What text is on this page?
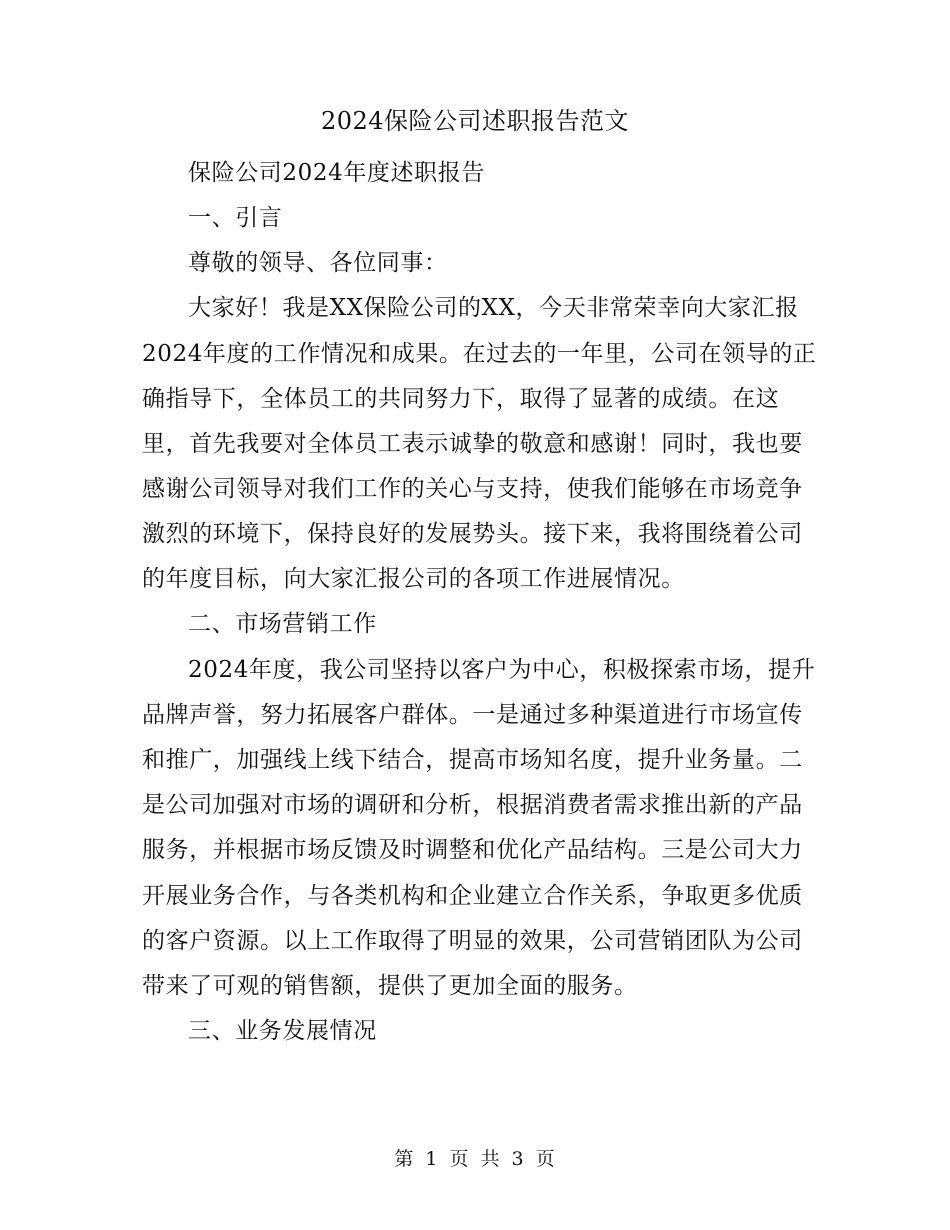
2024保险公司述职报告范文
保险公司2024年度述职报告
一、引言
尊敬的领导、各位同事：
大家好！我是XX保险公司的XX，今天非常荣幸向大家汇报
2024年度的工作情况和成果。在过去的一年里，公司在领导的正
确指导下，全体员工的共同努力下，取得了显著的成绩。在这
里，首先我要对全体员工表示诚挚的敬意和感谢！同时，我也要
感谢公司领导对我们工作的关心与支持，使我们能够在市场竞争
激烈的环境下，保持良好的发展势头。接下来，我将围绕着公司
的年度目标，向大家汇报公司的各项工作进展情况。
二、市场营销工作
2024年度，我公司坚持以客户为中心，积极探索市场，提升
品牌声誉，努力拓展客户群体。一是通过多种渠道进行市场宣传
和推广，加强线上线下结合，提高市场知名度，提升业务量。二
是公司加强对市场的调研和分析，根据消费者需求推出新的产品
服务，并根据市场反馈及时调整和优化产品结构。三是公司大力
开展业务合作，与各类机构和企业建立合作关系，争取更多优质
的客户资源。以上工作取得了明显的效果，公司营销团队为公司
带来了可观的销售额，提供了更加全面的服务。
三、业务发展情况
第 1 页 共 3 页
